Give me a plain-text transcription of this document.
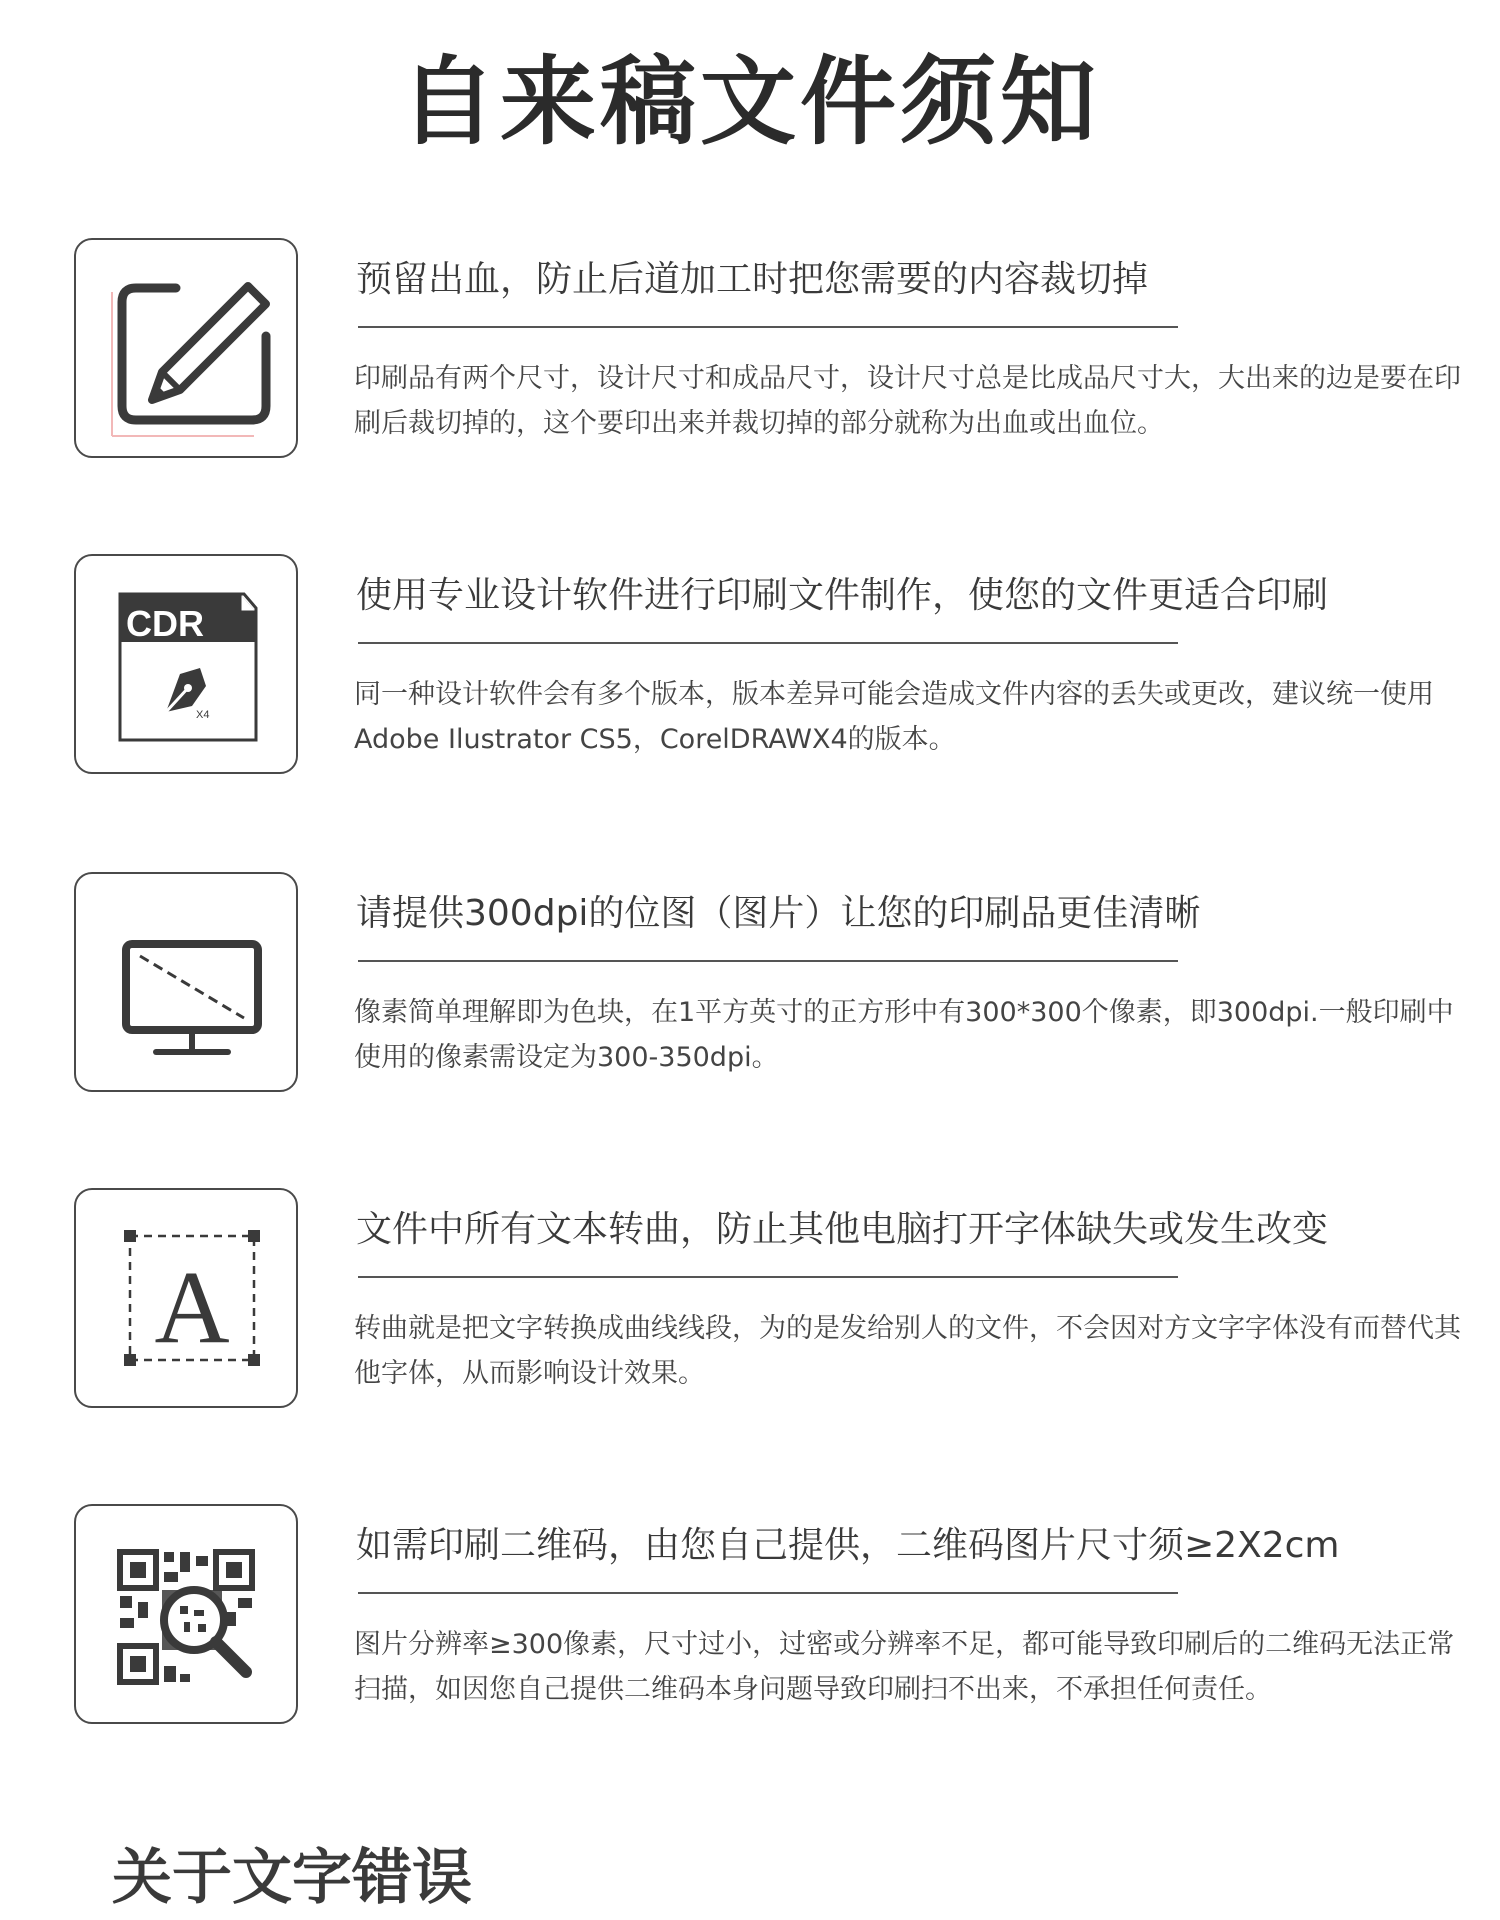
自来稿文件须知
预留出血，防止后道加工时把您需要的内容裁切掉
印刷品有两个尺寸，设计尺寸和成品尺寸，设计尺寸总是比成品尺寸大，大出来的边是要在印刷后裁切掉的，这个要印出来并裁切掉的部分就称为出血或出血位。
CDR
X4
使用专业设计软件进行印刷文件制作，使您的文件更适合印刷
同一种设计软件会有多个版本，版本差异可能会造成文件内容的丢失或更改，建议统一使用Adobe Ilustrator CS5，CorelDRAWX4的版本。
请提供300dpi的位图（图片）让您的印刷品更佳清晰
像素简单理解即为色块，在1平方英寸的正方形中有300*300个像素，即300dpi.一般印刷中使用的像素需设定为300-350dpi。
A
文件中所有文本转曲，防止其他电脑打开字体缺失或发生改变
转曲就是把文字转换成曲线线段，为的是发给别人的文件，不会因对方文字字体没有而替代其他字体，从而影响设计效果。
如需印刷二维码，由您自己提供，二维码图片尺寸须≥2X2cm
图片分辨率≥300像素，尺寸过小，过密或分辨率不足，都可能导致印刷后的二维码无法正常扫描，如因您自己提供二维码本身问题导致印刷扫不出来，不承担任何责任。
关于文字错误
